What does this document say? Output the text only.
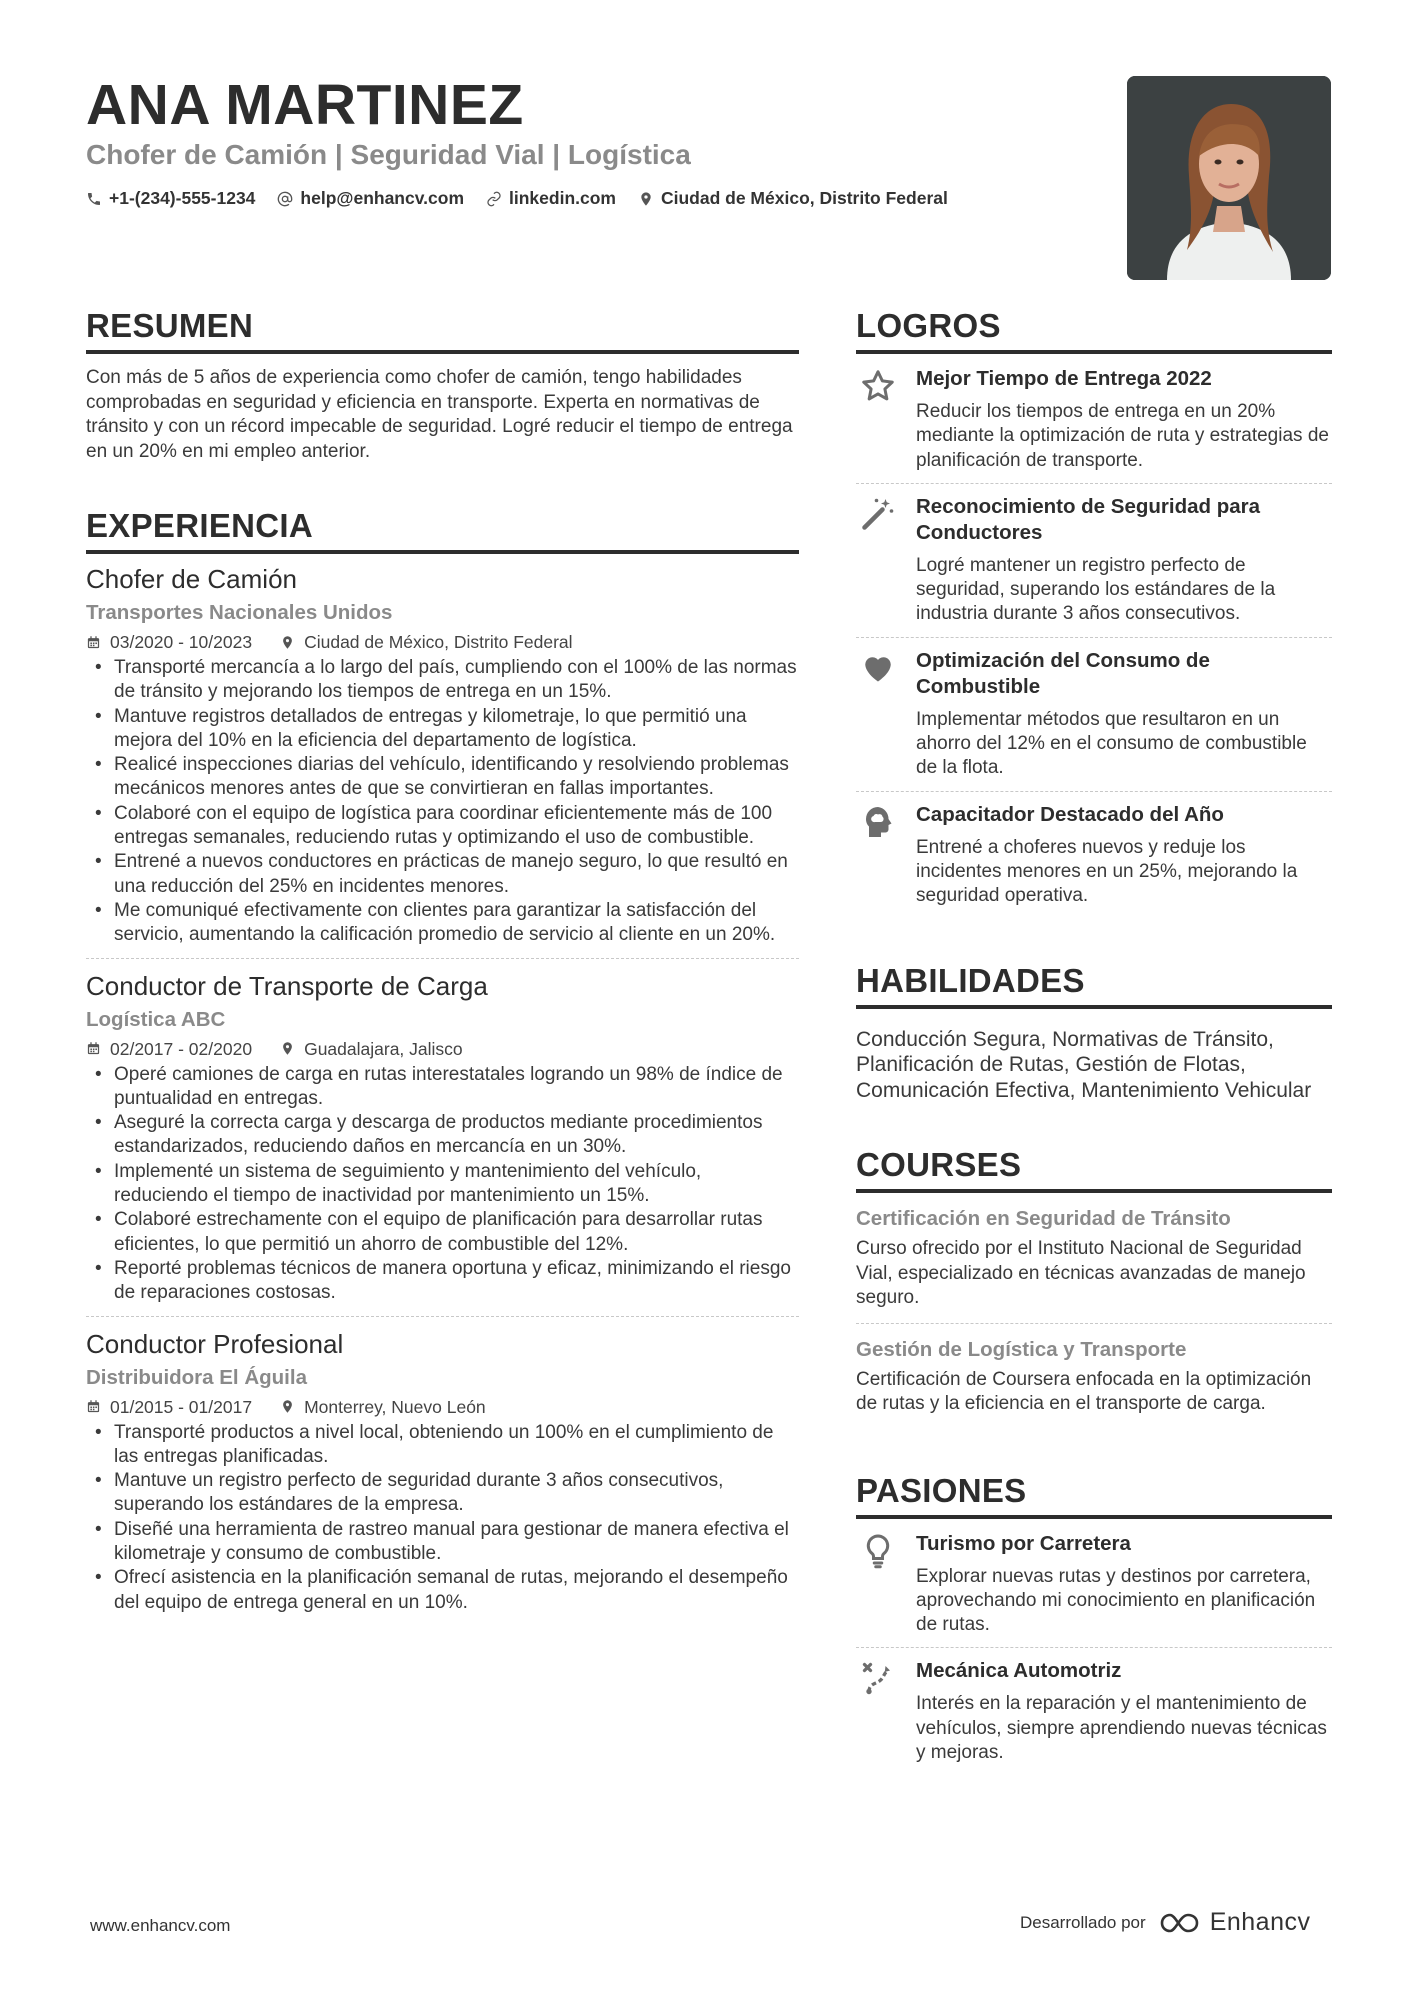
ANA MARTINEZ
Chofer de Camión | Seguridad Vial | Logística
+1-(234)-555-1234	help@enhancv.com	linkedin.com	Ciudad de México, Distrito Federal
RESUMEN
Con más de 5 años de experiencia como chofer de camión, tengo habilidades comprobadas en seguridad y eficiencia en transporte. Experta en normativas de tránsito y con un récord impecable de seguridad. Logré reducir el tiempo de entrega en un 20% en mi empleo anterior.
EXPERIENCIA
Chofer de Camión
Transportes Nacionales Unidos
03/2020 - 10/2023	Ciudad de México, Distrito Federal
• Transporté mercancía a lo largo del país, cumpliendo con el 100% de las normas de tránsito y mejorando los tiempos de entrega en un 15%.
• Mantuve registros detallados de entregas y kilometraje, lo que permitió una mejora del 10% en la eficiencia del departamento de logística.
• Realicé inspecciones diarias del vehículo, identificando y resolviendo problemas mecánicos menores antes de que se convirtieran en fallas importantes.
• Colaboré con el equipo de logística para coordinar eficientemente más de 100 entregas semanales, reduciendo rutas y optimizando el uso de combustible.
• Entrené a nuevos conductores en prácticas de manejo seguro, lo que resultó en una reducción del 25% en incidentes menores.
• Me comuniqué efectivamente con clientes para garantizar la satisfacción del servicio, aumentando la calificación promedio de servicio al cliente en un 20%.
Conductor de Transporte de Carga
Logística ABC
02/2017 - 02/2020	Guadalajara, Jalisco
• Operé camiones de carga en rutas interestatales logrando un 98% de índice de puntualidad en entregas.
• Aseguré la correcta carga y descarga de productos mediante procedimientos estandarizados, reduciendo daños en mercancía en un 30%.
• Implementé un sistema de seguimiento y mantenimiento del vehículo, reduciendo el tiempo de inactividad por mantenimiento un 15%.
• Colaboré estrechamente con el equipo de planificación para desarrollar rutas eficientes, lo que permitió un ahorro de combustible del 12%.
• Reporté problemas técnicos de manera oportuna y eficaz, minimizando el riesgo de reparaciones costosas.
Conductor Profesional
Distribuidora El Águila
01/2015 - 01/2017	Monterrey, Nuevo León
• Transporté productos a nivel local, obteniendo un 100% en el cumplimiento de las entregas planificadas.
• Mantuve un registro perfecto de seguridad durante 3 años consecutivos, superando los estándares de la empresa.
• Diseñé una herramienta de rastreo manual para gestionar de manera efectiva el kilometraje y consumo de combustible.
• Ofrecí asistencia en la planificación semanal de rutas, mejorando el desempeño del equipo de entrega general en un 10%.
LOGROS
Mejor Tiempo de Entrega 2022
Reducir los tiempos de entrega en un 20% mediante la optimización de ruta y estrategias de planificación de transporte.
Reconocimiento de Seguridad para Conductores
Logré mantener un registro perfecto de seguridad, superando los estándares de la industria durante 3 años consecutivos.
Optimización del Consumo de Combustible
Implementar métodos que resultaron en un ahorro del 12% en el consumo de combustible de la flota.
Capacitador Destacado del Año
Entrené a choferes nuevos y reduje los incidentes menores en un 25%, mejorando la seguridad operativa.
HABILIDADES
Conducción Segura, Normativas de Tránsito, Planificación de Rutas, Gestión de Flotas, Comunicación Efectiva, Mantenimiento Vehicular
COURSES
Certificación en Seguridad de Tránsito
Curso ofrecido por el Instituto Nacional de Seguridad Vial, especializado en técnicas avanzadas de manejo seguro.
Gestión de Logística y Transporte
Certificación de Coursera enfocada en la optimización de rutas y la eficiencia en el transporte de carga.
PASIONES
Turismo por Carretera
Explorar nuevas rutas y destinos por carretera, aprovechando mi conocimiento en planificación de rutas.
Mecánica Automotriz
Interés en la reparación y el mantenimiento de vehículos, siempre aprendiendo nuevas técnicas y mejoras.
www.enhancv.com	Desarrollado por	Enhancv
